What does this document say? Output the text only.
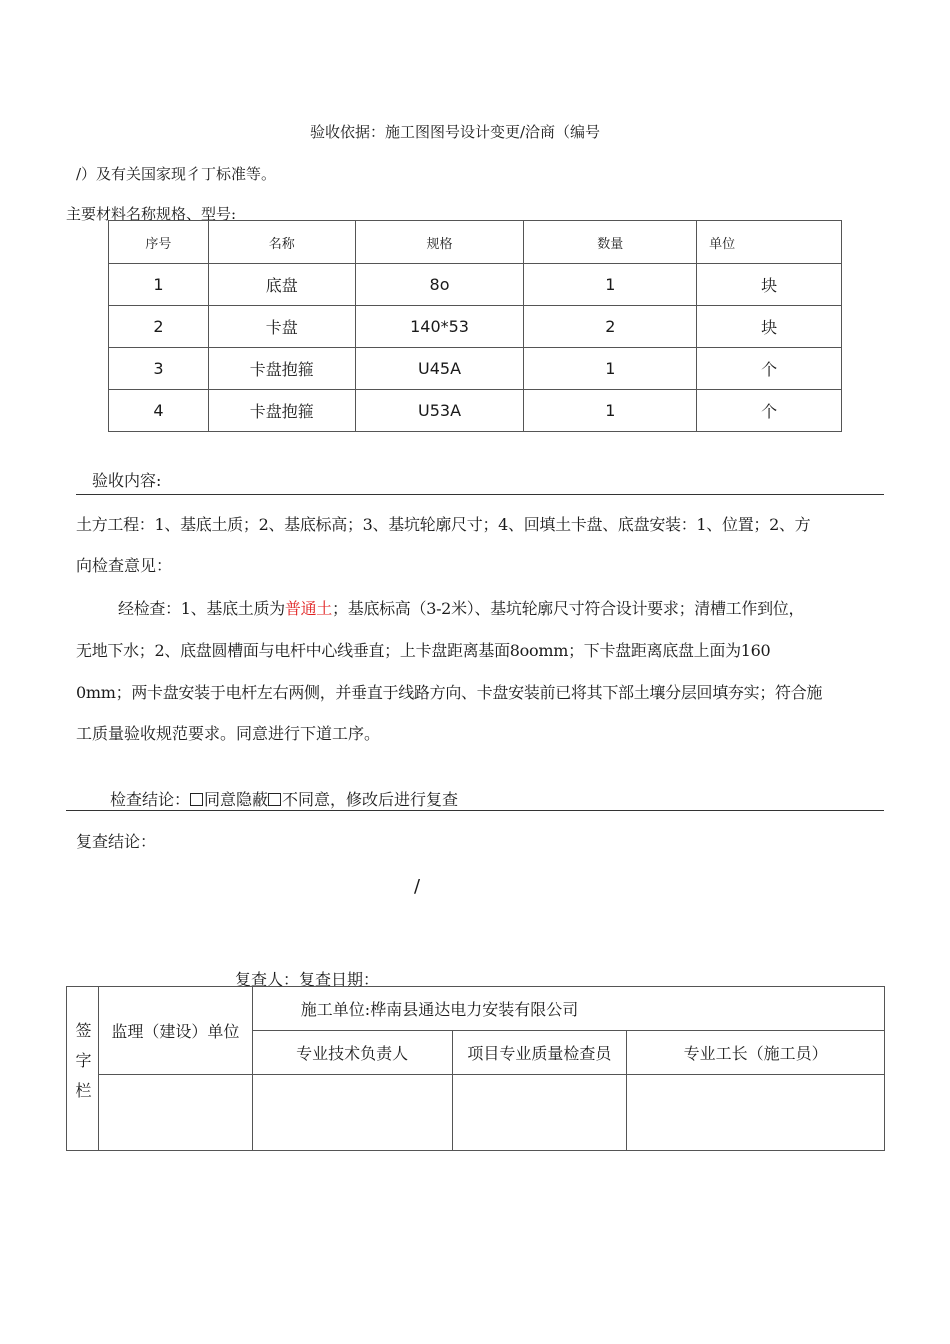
验收依据：施工图图号设计变更/洽商（编号
/）及有关国家现彳丁标准等。
主要材料名称规格、型号:
序号	名称	规格	数量	单位
1	底盘	8o	1	块
2	卡盘	140*53	2	块
3	卡盘抱箍	U45A	1	个
4	卡盘抱箍	U53A	1	个
验收内容:
土方工程：1、基底土质；2、基底标高；3、基坑轮廓尺寸；4、回填土卡盘、底盘安装：1、位置；2、方
向检查意见：
经检查：1、基底土质为普通土；基底标高（3-2米）、基坑轮廓尺寸符合设计要求；清槽工作到位，
无地下水；2、底盘圆槽面与电杆中心线垂直；上卡盘距离基面8oomm；下卡盘距离底盘上面为160
0mm；两卡盘安装于电杆左右两侧，并垂直于线路方向、卡盘安装前已将其下部土壤分层回填夯实；符合施
工质量验收规范要求。同意进行下道工序。
检查结论： 同意隐蔽 不同意，修改后进行复查
复查结论：
/
复查人：复查日期：
签字栏	监理（建设）单位	施工单位:桦南县通达电力安装有限公司		
		专业技术负责人	项目专业质量检查员	专业工长（施工员）
